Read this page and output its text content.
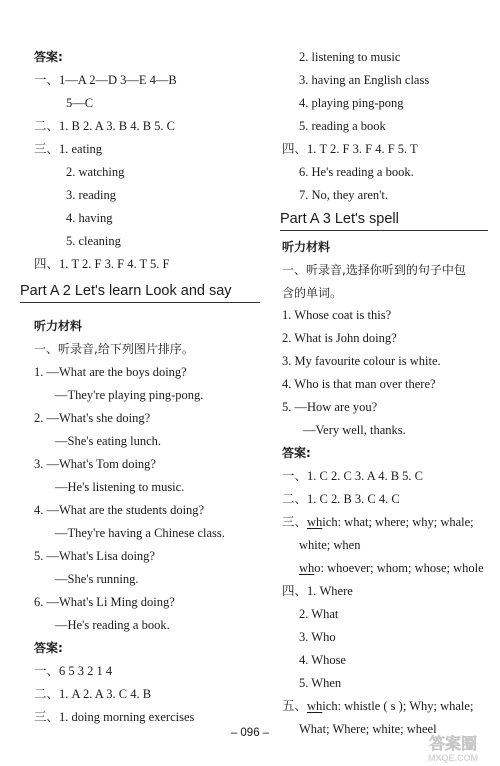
答案:
一、1—A 2—D 3—E 4—B
5—C
二、1. B 2. A 3. B 4. B 5. C
三、1. eating
2. watching
3. reading
4. having
5. cleaning
四、1. T 2. F 3. F 4. T 5. F
Part A 2 Let's learn Look and say
听力材料
一、听录音,给下列图片排序。
1. —What are the boys doing?
—They're playing ping-pong.
2. —What's she doing?
—She's eating lunch.
3. —What's Tom doing?
—He's listening to music.
4. —What are the students doing?
—They're having a Chinese class.
5. —What's Lisa doing?
—She's running.
6. —What's Li Ming doing?
—He's reading a book.
答案:
一、6 5 3 2 1 4
二、1. A 2. A 3. C 4. B
三、1. doing morning exercises
2. listening to music
3. having an English class
4. playing ping-pong
5. reading a book
四、1. T 2. F 3. F 4. F 5. T
6. He's reading a book.
7. No, they aren't.
Part A 3 Let's spell
听力材料
一、听录音,选择你听到的句子中包
含的单词。
1. Whose coat is this?
2. What is John doing?
3. My favourite colour is white.
4. Who is that man over there?
5. —How are you?
—Very well, thanks.
答案:
一、1. C 2. C 3. A 4. B 5. C
二、1. C 2. B 3. C 4. C
三、which: what; where; why; whale;
white; when
who: whoever; whom; whose; whole
四、1. Where
2. What
3. Who
4. Whose
5. When
五、which: whistle ( s ); Why; whale;
What; Where; white; wheel
– 096 –
答案圈
MXQE.COM
